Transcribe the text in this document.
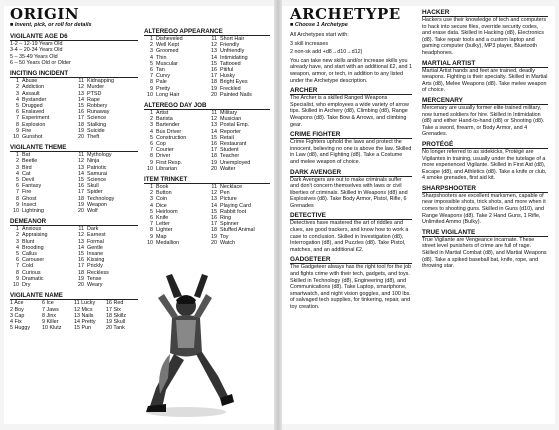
ORIGIN
■ Invent, pick, or roll for details
VIGILANTE AGE D6
1-2 – 12-19 Years Old
3-4 – 20-34 Years Old
5 – 35-49 Years Old
6 – 50 Years Old or Older
INCITING INCIDENT
1 Abuse	11 Kidnapping
2 Addiction	12 Murder
3 Assault	13 PTSD
4 Bystander	14 Rape
5 Drugged	15 Robbery
6 Enslaved	16 Runaway
7 Experiment	17 Science
8 Explosion	18 Stalking
9 Fire	19 Suicide
10 Gunshot	20 Theft
VIGILANTE THEME
1 Bat	11 Mythology
2 Beetle	12 Ninja
3 Bird	13 Patriotic
4 Cat	14 Samurai
5 Devil	15 Science
6 Fantasy	16 Skull
7 Fire	17 Spider
8 Ghost	18 Technology
9 Insect	19 Weapon
10 Lightning	20 Wolf
DEMEANOR
1 Anxious	11 Dark
2 Appraising	12 Earnest
3 Blunt	13 Formal
4 Brooding	14 Gentle
5 Callus	15 Insane
6 Carouser	16 Kissing
7 Cold	17 Prickly
8 Curious	18 Reckless
9 Dramatic	19 Tense
10 Dry	20 Weary
VIGILANTE NAME
1 Ace	6 Ice	11 Lucky	16 Red
2 Boy	7 Jaws	12 Mics	17 Six
3 Cap	8 Jinx	13 Nails	18 Skillz
4 Fix	9 Killer	14 Pretty	19 Skull
5 Huggy	10 Klutz	15 Pun	20 Tank
ALTEREGO APPEARANCE
1 Disheveled	11 Short Hair
2 Well Kept	12 Friendly
3 Groomed	13 Unfriendly
4 Thin	14 Intimidating
5 Muscular	15 Tattooed
6 Tan	16 Pitiful
7 Curvy	17 Husky
8 Pale	18 Bright Eyes
9 Pretty	19 Freckled
10 Long Hair	20 Painted Nails
ALTEREGO DAY JOB
1 Artist	11 Military
2 Barista	12 Musician
3 Bartender	13 Postal Emp.
4 Bus Driver	14 Reporter
5 Construction	15 Retail
6 Cop	16 Restaurant
7 Courier	17 Student
8 Driver	18 Teacher
9 First Resp.	19 Unemployed
10 Librarian	20 Waiter
ITEM TRINKET
1 Book	11 Necklace
2 Button	12 Pen
3 Coin	13 Picture
4 Dice	14 Playing Card
5 Heirloom	15 Rabbit foot
6 Knife	16 Ring
7 Letter	17 Spinner
8 Lighter	18 Stuffed Animal
9 Map	19 Toy
10 Medallion	20 Watch
ARCHETYPE
■ Choose 1 Archetype

All Archetypes start with:

3 skill increases

2 non-sk add +d8→d10→d12)

You can take new skills and/or increase skills you already have, and start with an additional ₤2, and 1 weapon, armor, or tech, in addition to any listed under the Archetype description.

ARCHER

The Archer is a skilled Ranged Weapons Specialist, who employees a wide variety of arrow tips. Skilled in Archery (d8), Climbing (d8), Range Weapons (d8). Take Bow & Arrows, and climbing gear.

CRIME FIGHTER

Crime Fighters uphold the laws and protect the innocent, believing no one is above the law. Skilled in Law (d8), and Fighting (d8). Take a Costume and melee weapon of choice.

DARK AVENGER

Dark Avengers are out to make criminals suffer and don't concern themselves with laws or civil liberties of criminals. Skilled in Weapons (d8) and Explosives (d8). Take Body Armor, Pistol, Rifle, 6 Grenades

DETECTIVE

Detectives have mastered the art of riddles and clues, are good trackers, and know how to work a case to conclusion. Skilled in Investigation (d8), Interrogation (d8), and Puzzles (d8). Take Pistol, matches, and an additional ₤2.

GADGETEER

The Gadgeteer always has the right tool for the job and fights crime with their tech, gadgets, and toys. Skilled in Technology (d8), Engineering (d8), and Communications (d8). Take Laptop, smartphone, smartwatch, and night vision goggles, and 100 lbs. of salvaged tech supplies, for tinkering, repair, and toy creation.

HACKER

Hackers use their knowledge of tech and computers to hack into secure files, override security codes, and erase data. Skilled in Hacking (d8), Electronics (d8). Take repair tools and a custom laptop and gaming computer (bulky), MP3 player, Bluetooth headphones.

MARTIAL ARTIST

Martial Artist hands and feet are trained, deadly weapons. Fighting is their specialty. Skilled in Martial Arts (d8), Melee Weapons (d8). Take melee weapon of choice.

MERCENARY

Mercenary are usually former elite trained military, now turned soldiers for hire. Skilled in Intimidation (d8) and either Hand-to-hand (d8) or Shooting (d8). Take a sword, firearm, or Body Armor, and 4 Grenades.

PROTÉGÉ

No longer referred to as sidekicks, Protégé are Vigilantes in training, usually under the tutelage of a more experienced Vigilante. Skilled in First Aid (d8), Escape (d8), and Athletics (d8). Take a knife or club, 4 smoke grenades, first aid kit.

SHARPSHOOTER

Sharpshooters are excellent marksmen, capable of near impossible shots, trick shots, and more when it comes to shooting guns. Skilled in Guns (d10), and Range Weapons (d8). Take 2 Hand Guns, 1 Rifle, Unlimited Ammo (Bulky).

TRUE VIGILANTE

True Vigilante are Vengeance incarnate. These street level punishers of crime are full of rage. Skilled in Martial Combat (d8), and Martial Weapons (d8). Take a spiked baseball bat, knife, rope, and throwing star.
